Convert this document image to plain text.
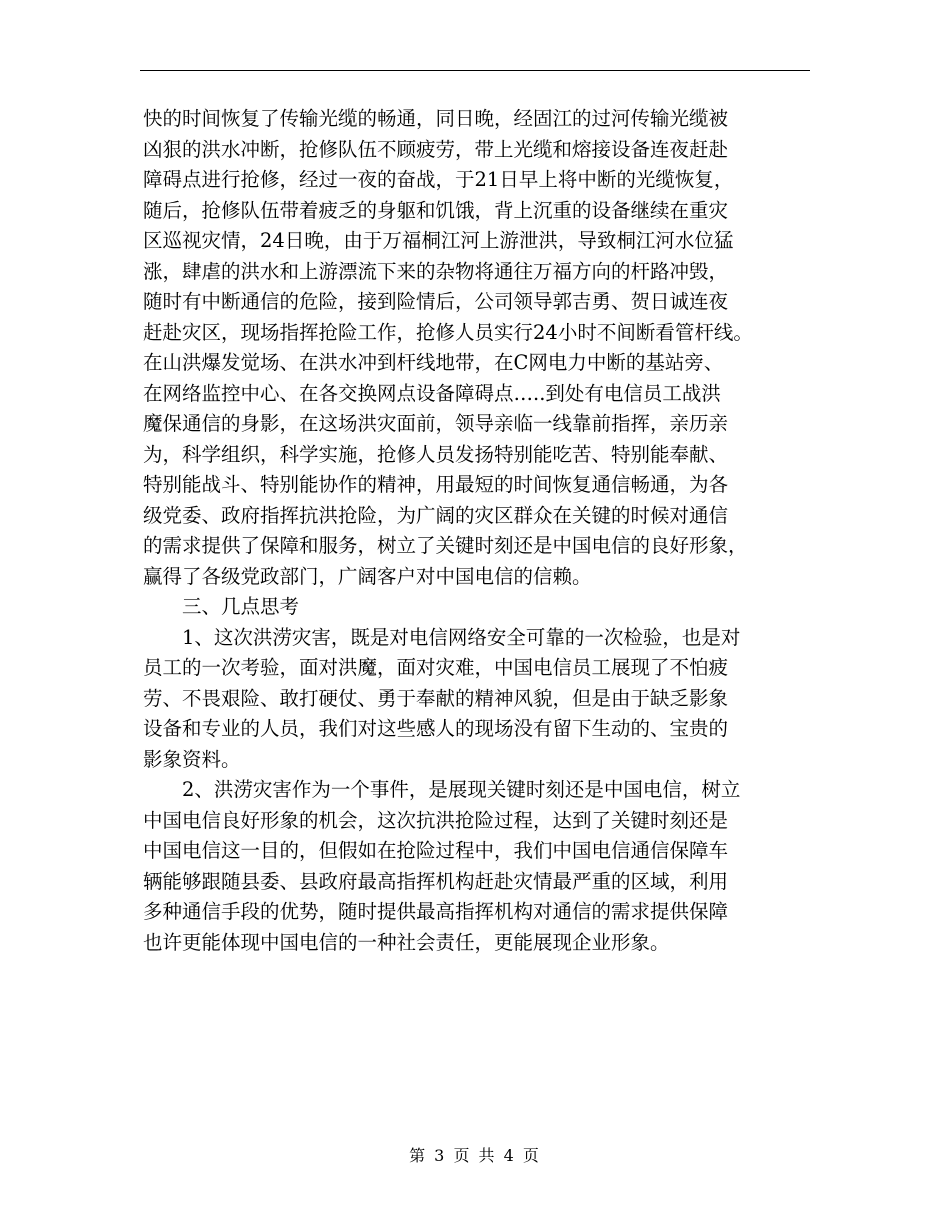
快的时间恢复了传输光缆的畅通，同日晚，经固江的过河传输光缆被
凶狠的洪水冲断，抢修队伍不顾疲劳，带上光缆和熔接设备连夜赶赴
障碍点进行抢修，经过一夜的奋战，于21日早上将中断的光缆恢复，
随后，抢修队伍带着疲乏的身躯和饥饿，背上沉重的设备继续在重灾
区巡视灾情，24日晚，由于万福桐江河上游泄洪，导致桐江河水位猛
涨，肆虐的洪水和上游漂流下来的杂物将通往万福方向的杆路冲毁，
随时有中断通信的危险，接到险情后，公司领导郭吉勇、贺日诚连夜
赶赴灾区，现场指挥抢险工作，抢修人员实行24小时不间断看管杆线。
在山洪爆发觉场、在洪水冲到杆线地带，在C网电力中断的基站旁、
在网络监控中心、在各交换网点设备障碍点…..到处有电信员工战洪
魔保通信的身影，在这场洪灾面前，领导亲临一线靠前指挥，亲历亲
为，科学组织，科学实施，抢修人员发扬特别能吃苦、特别能奉献、
特别能战斗、特别能协作的精神，用最短的时间恢复通信畅通，为各
级党委、政府指挥抗洪抢险，为广阔的灾区群众在关键的时候对通信
的需求提供了保障和服务，树立了关键时刻还是中国电信的良好形象，
赢得了各级党政部门，广阔客户对中国电信的信赖。
三、几点思考
1、这次洪涝灾害，既是对电信网络安全可靠的一次检验，也是对
员工的一次考验，面对洪魔，面对灾难，中国电信员工展现了不怕疲
劳、不畏艰险、敢打硬仗、勇于奉献的精神风貌，但是由于缺乏影象
设备和专业的人员，我们对这些感人的现场没有留下生动的、宝贵的
影象资料。
2、洪涝灾害作为一个事件，是展现关键时刻还是中国电信，树立
中国电信良好形象的机会，这次抗洪抢险过程，达到了关键时刻还是
中国电信这一目的，但假如在抢险过程中，我们中国电信通信保障车
辆能够跟随县委、县政府最高指挥机构赶赴灾情最严重的区域，利用
多种通信手段的优势，随时提供最高指挥机构对通信的需求提供保障
也许更能体现中国电信的一种社会责任，更能展现企业形象。
第 3 页 共 4 页
